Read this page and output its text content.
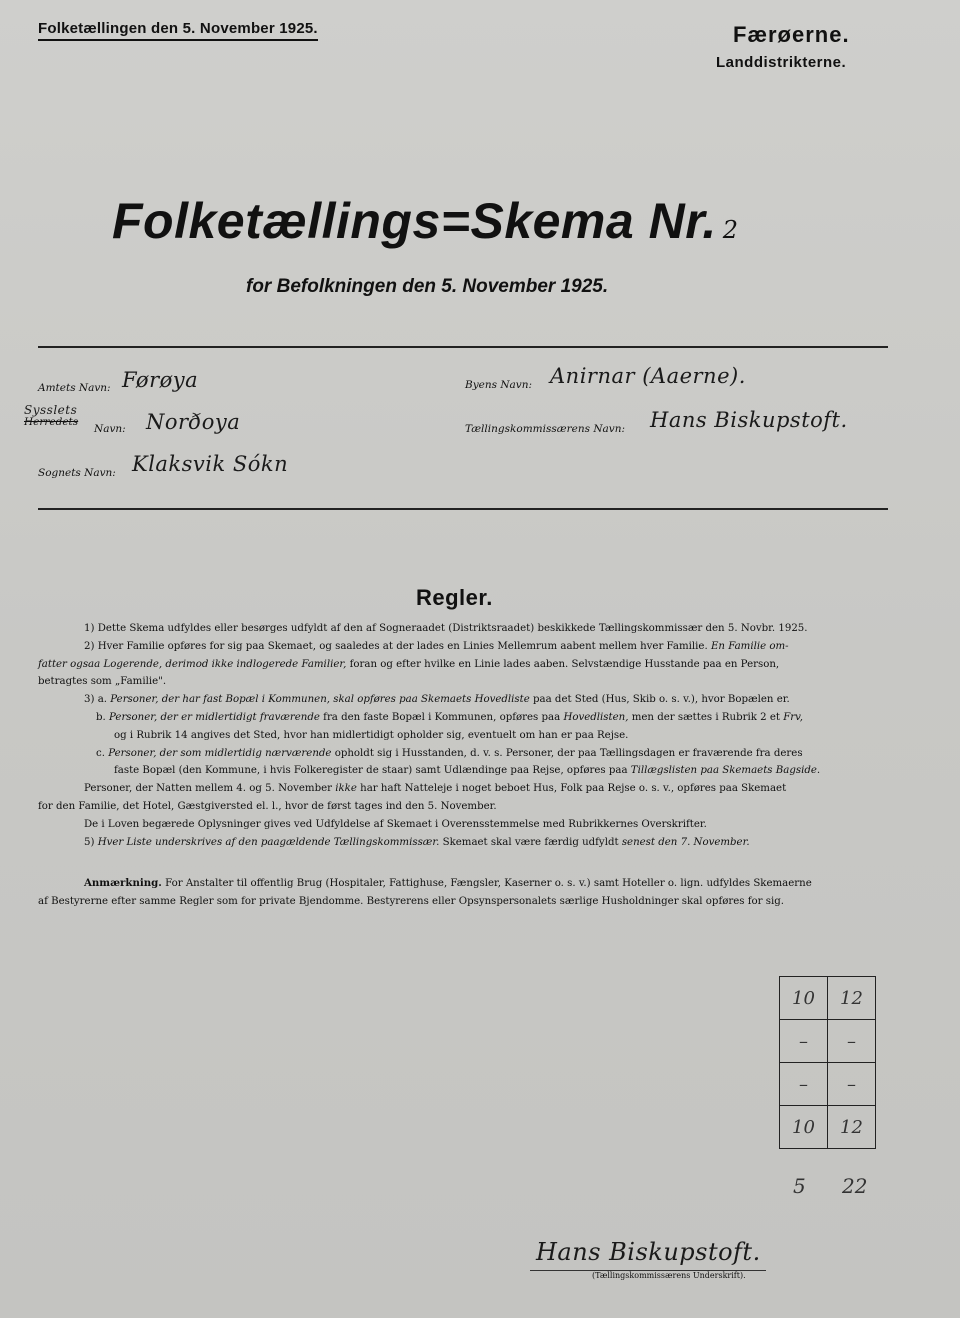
Folketællingen den 5. November 1925.	Færøerne.
Landdistrikterne.
Folketællings=Skema Nr. 2
for Befolkningen den 5. November 1925.
Amtets Navn: Førøya
Sysslets
Herredets
Navn: Norðoya
Sognets Navn: Klaksvik Sókn
Byens Navn: Anirnar (Aaerne).
Tællingskommissærens Navn: Hans Biskupstoft.
Regler.

1) Dette Skema udfyldes eller besørges udfyldt af den af Sogneraadet (Distriktsraadet) beskikkede Tællingskommissær den 5. Novbr. 1925.

2) Hver Familie opføres for sig paa Skemaet, og saaledes at der lades en Linies Mellemrum aabent mellem hver Familie. En Familie om-

fatter ogsaa Logerende, derimod ikke indlogerede Familier, foran og efter hvilke en Linie lades aaben. Selvstændige Husstande paa en Person,

betragtes som „Familie".

3) a. Personer, der har fast Bopæl i Kommunen, skal opføres paa Skemaets Hovedliste paa det Sted (Hus, Skib o. s. v.), hvor Bopælen er.

b. Personer, der er midlertidigt fraværende fra den faste Bopæl i Kommunen, opføres paa Hovedlisten, men der sættes i Rubrik 2 et Frv,

og i Rubrik 14 angives det Sted, hvor han midlertidigt opholder sig, eventuelt om han er paa Rejse.

c. Personer, der som midlertidig nærværende opholdt sig i Husstanden, d. v. s. Personer, der paa Tællingsdagen er fraværende fra deres

faste Bopæl (den Kommune, i hvis Folkeregister de staar) samt Udlændinge paa Rejse, opføres paa Tillægslisten paa Skemaets Bagside.

Personer, der Natten mellem 4. og 5. November ikke har haft Natteleje i noget beboet Hus, Folk paa Rejse o. s. v., opføres paa Skemaet

for den Familie, det Hotel, Gæstgiversted el. l., hvor de først tages ind den 5. November.

De i Loven begærede Oplysninger gives ved Udfyldelse af Skemaet i Overensstemmelse med Rubrikkernes Overskrifter.

5) Hver Liste underskrives af den paagældende Tællingskommissær. Skemaet skal være færdig udfyldt senest den 7. November.

Anmærkning. For Anstalter til offentlig Brug (Hospitaler, Fattighuse, Fængsler, Kaserner o. s. v.) samt Hoteller o. lign. udfyldes Skemaerne

af Bestyrerne efter samme Regler som for private Bjendomme. Bestyrerens eller Opsynspersonalets særlige Husholdninger skal opføres for sig.

10	12
–	–
–	–
10	12
5 22
Hans Biskupstoft.
(Tællingskommissærens Underskrift).
